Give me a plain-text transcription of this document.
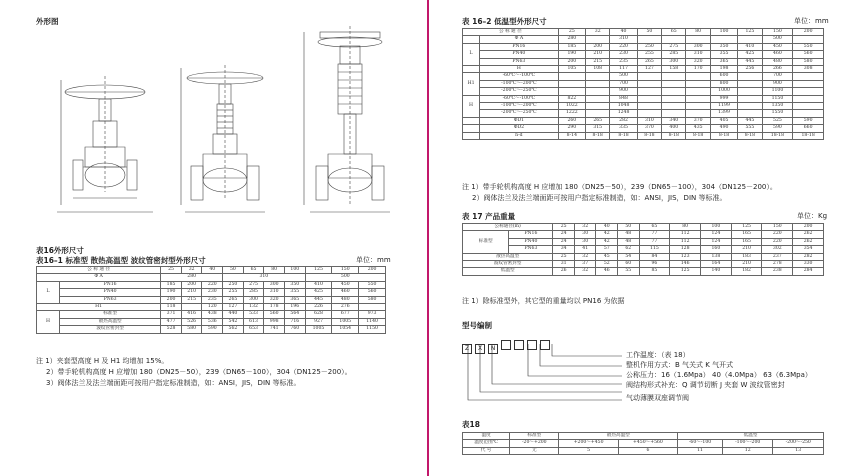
外形图
表16外形尺寸
表16–1 标准型 散热高温型 波纹管密封型外形尺寸	单位：mm
公 称 通 径		25	32	40	50	65	80	100	125	150	200
Φ A		280			310				500		
L	PN16	185	200	220	250	275	300	350	410	450	550
	PN40	190	210	230	255	285	310	355	425	460	560
	PN63	200	215	235	265	300	320	365	445	480	580
H1		118		120	127	132	178	196	226	276	
H	标准型	371	416	438	440	533	560	564	628	677	973
	散热高温型	477	526	536	542	613	998	716	927	1005	1140
	波纹管密封型	528	580	590	562	653	741	760	1005	1054	1150
注 1）夹套型高度 H 及 H1 均增加 15%。
2）带手轮机构高度 H 应增加 180（DN25－50），239（DN65－100），304（DN125－200）。
3）阀体法兰及法兰端面距可按用户指定标准制造，如：ANSI，JIS，DIN 等标准。
表 16–2 低温型外形尺寸	单位：mm
公 称 通 径		25	32	40	50	65	80	100	125	150	200
	Φ A	280		310						500	
L	PN16	185	200	220	250	275	300	350	410	450	550
	PN40	190	210	230	255	285	310	355	425	460	560
	PN63	200	215	235	265	300	320	365	445	480	580
	H	105	108	117	127	158	170	198	256	266	308
H1	-60℃～-100℃			500				600		700	
	-100℃～-200℃			700				800		900	
	-200℃～-250℃			900				1000		1100	
H	-60℃～-100℃	822		848				999		1150	
	-100℃～-200℃	1022		1048				1199		1350	
	-200℃～-250℃	1222		1248				1399		1550	
	ΦD1	260	265	282	310	340	370	405	445	525	590
	ΦD2	290	315	335	370	400	435	490	555	590	660
	n-d	8-14	8-18	8-18	8-18	8-18	8-18	8-18	8-18	18-18	18-18
注 1）带手轮机构高度 H 应增加 180（DN25－50），239（DN65－100），304（DN125－200）。
2）阀体法兰及法兰端面距可按用户指定标准制造，如：ANSI，JIS，DIN 等标准。
表 17 产品重量	单位：Kg
公称通径(m)		25	32	40	50	65	80	100	125	150	200
标准型	PN16	24	30	42	48	77	112	124	165	220	262
	PN40	24	30	42	48	77	112	124	165	220	262
	PN63	34	41	57	62	115	128	160	210	302	354
散热高温型		25	32	45	54	84	123	138	183	237	282
波纹管密封型		31	37	52	60	96	146	164	210	278	330
低温型		26	32	46	55	85	125	140	182	238	284
注 1）除标准型外，其它型的重量均以 PN16 为依据
型号编制
Z X N
工作温度：（表 18）
整机作用方式：B 气关式 K 气开式
公称压力：16（1.6Mpa） 40（4.0Mpa） 63（6.3Mpa）
阀结构形式补充：Q 调节切断 J 夹套 W 波纹管密封
气动薄膜双座调节阀
表18
温度	标准型	散热高温型		低温型		
温度范围℃	-20～+200	+200～+450	+450～+560	-60～-100	-100～-200	-200～-250
代 号	无	5	6	11	12	13
